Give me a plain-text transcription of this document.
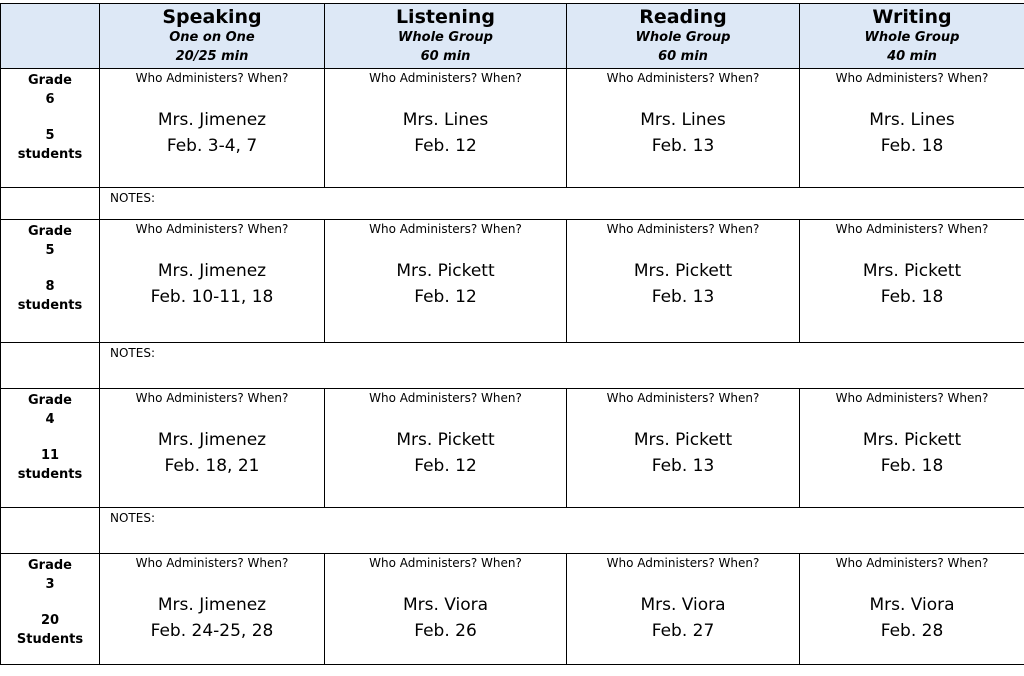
	Speaking
One on One
20/25 min	Listening
Whole Group
60 min	Reading
Whole Group
60 min	Writing
Whole Group
40 min

Grade
6
5
students	Who Administers? When?
Mrs. Jimenez
Feb. 3-4, 7	Who Administers? When?
Mrs. Lines
Feb. 12	Who Administers? When?
Mrs. Lines
Feb. 13	Who Administers? When?
Mrs. Lines
Feb. 18

	NOTES:			

Grade
5
8
students	Who Administers? When?
Mrs. Jimenez
Feb. 10-11, 18	Who Administers? When?
Mrs. Pickett
Feb. 12	Who Administers? When?
Mrs. Pickett
Feb. 13	Who Administers? When?
Mrs. Pickett
Feb. 18

	NOTES:			

Grade
4
11
students	Who Administers? When?
Mrs. Jimenez
Feb. 18, 21	Who Administers? When?
Mrs. Pickett
Feb. 12	Who Administers? When?
Mrs. Pickett
Feb. 13	Who Administers? When?
Mrs. Pickett
Feb. 18

	NOTES:			

Grade
3
20
Students	Who Administers? When?
Mrs. Jimenez
Feb. 24-25, 28	Who Administers? When?
Mrs. Viora
Feb. 26	Who Administers? When?
Mrs. Viora
Feb. 27	Who Administers? When?
Mrs. Viora
Feb. 28
